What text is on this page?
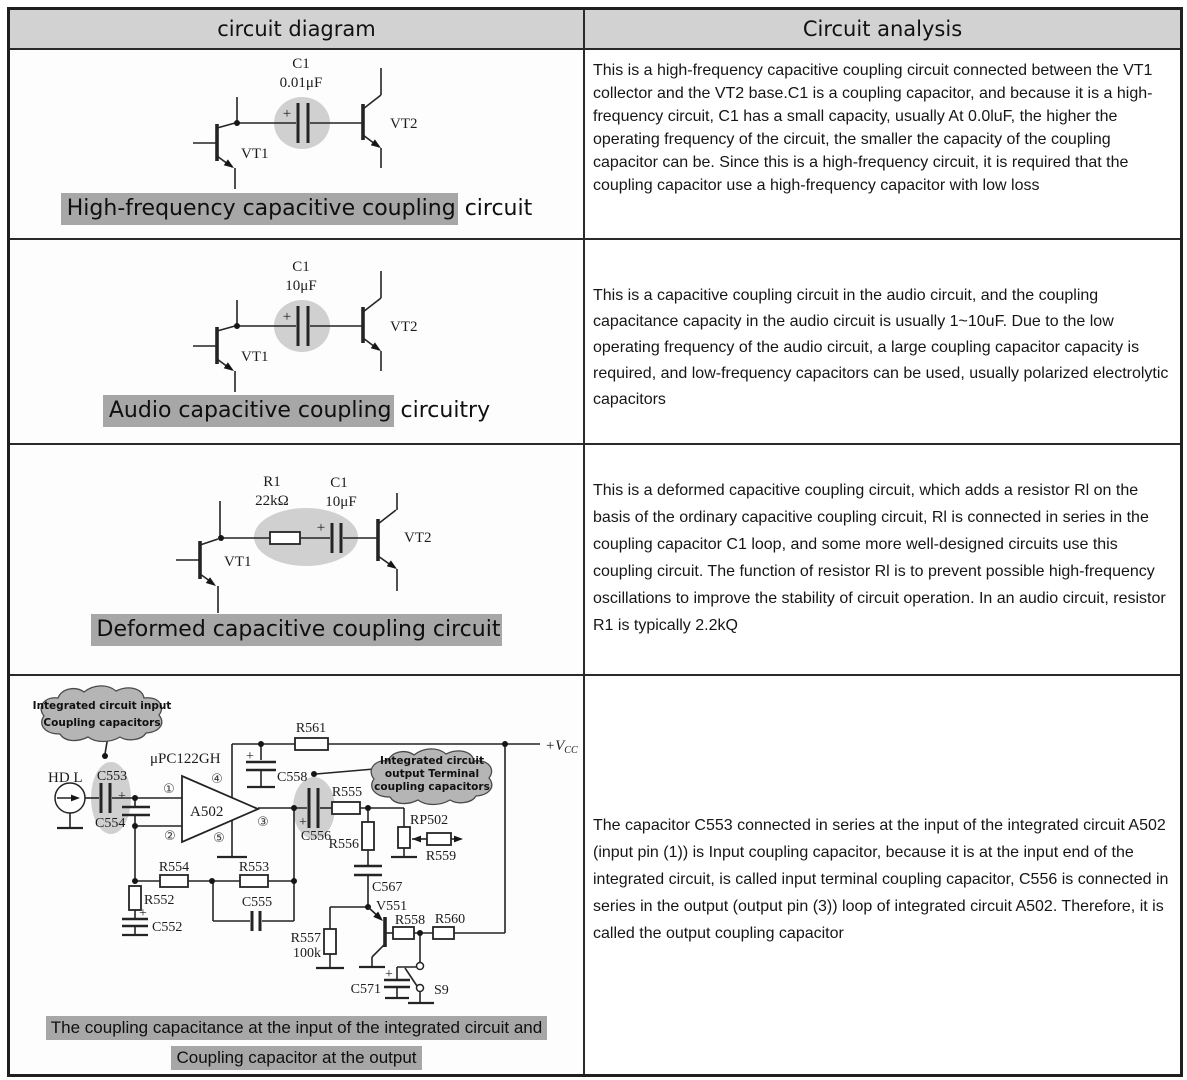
circuit diagram	Circuit analysis
+
C1
0.01μF
VT1
VT2
High-frequency capacitive coupling circuit
This is a high-frequency capacitive coupling circuit connected between the VT1 collector and the VT2 base.C1 is a coupling capacitor, and because it is a high-frequency circuit, C1 has a small capacity, usually At 0.0luF, the higher the operating frequency of the circuit, the smaller the capacity of the coupling capacitor can be. Since this is a high-frequency circuit, it is required that the coupling capacitor use a high-frequency capacitor with low loss
+
C1
10μF
VT1
VT2
Audio capacitive coupling circuitry
This is a capacitive coupling circuit in the audio circuit, and the coupling capacitance capacity in the audio circuit is usually 1~10uF. Due to the low operating frequency of the audio circuit, a large coupling capacitor capacity is required, and low-frequency capacitors can be used, usually polarized electrolytic capacitors
+
R1
22kΩ
C1
10μF
VT1
VT2
Deformed capacitive coupling circuit
This is a deformed capacitive coupling circuit, which adds a resistor Rl on the basis of the ordinary capacitive coupling circuit, Rl is connected in series in the coupling capacitor C1 loop, and some more well-designed circuits use this coupling circuit. The function of resistor Rl is to prevent possible high-frequency oscillations to improve the stability of circuit operation. In an audio circuit, resistor R1 is typically 2.2kQ
HD L
+
C553
C554
μPC122GH
A502
①
②
④
⑤
③
R561
$+V_{CC}$
+
C558
+
C556
R555
RP502
R559
R556
C567
R557
100k
V551
R558 R560
S9
+
C571
R554	R553
C555
R552
+
C552
Integrated circuit input
Coupling capacitors
Integrated circuit
output Terminal
coupling capacitors
The coupling capacitance at the input of the integrated circuit and
Coupling capacitor at the output
The capacitor C553 connected in series at the input of the integrated circuit A502 (input pin (1)) is Input coupling capacitor, because it is at the input end of the integrated circuit, is called input terminal coupling capacitor, C556 is connected in series in the output (output pin (3)) loop of integrated circuit A502. Therefore, it is called the output coupling capacitor
